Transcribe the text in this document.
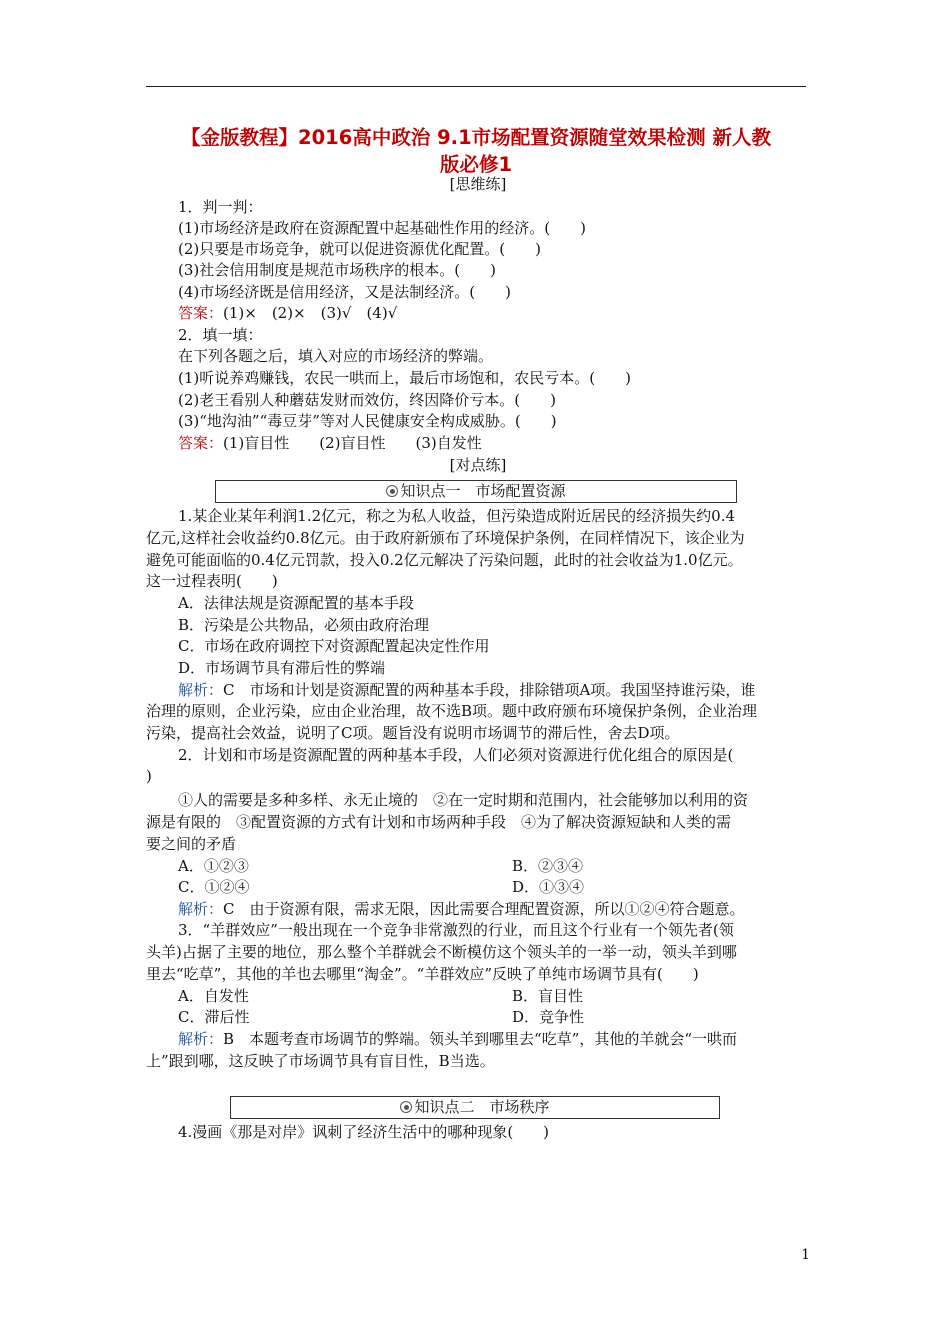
【金版教程】2016高中政治 9.1市场配置资源随堂效果检测 新人教
版必修1
[思维练]
1．判一判：
(1)市场经济是政府在资源配置中起基础性作用的经济。(　　)
(2)只要是市场竞争，就可以促进资源优化配置。(　　)
(3)社会信用制度是规范市场秩序的根本。(　　)
(4)市场经济既是信用经济，又是法制经济。(　　)
答案：(1)×　(2)×　(3)√　(4)√
2．填一填：
在下列各题之后，填入对应的市场经济的弊端。
(1)听说养鸡赚钱，农民一哄而上，最后市场饱和，农民亏本。(　　)
(2)老王看别人种蘑菇发财而效仿，终因降价亏本。(　　)
(3)“地沟油”“毒豆芽”等对人民健康安全构成威胁。(　　)
答案：(1)盲目性　　(2)盲目性　　(3)自发性
[对点练]
知识点一　市场配置资源
1.某企业某年利润1.2亿元，称之为私人收益，但污染造成附近居民的经济损失约0.4
亿元,这样社会收益约0.8亿元。由于政府新颁布了环境保护条例，在同样情况下，该企业为
避免可能面临的0.4亿元罚款，投入0.2亿元解决了污染问题，此时的社会收益为1.0亿元。
这一过程表明(　　)
A．法律法规是资源配置的基本手段
B．污染是公共物品，必须由政府治理
C．市场在政府调控下对资源配置起决定性作用
D．市场调节具有滞后性的弊端
解析：C　市场和计划是资源配置的两种基本手段，排除错项A项。我国坚持谁污染，谁
治理的原则，企业污染，应由企业治理，故不选B项。题中政府颁布环境保护条例，企业治理
污染，提高社会效益，说明了C项。题旨没有说明市场调节的滞后性，舍去D项。
2．计划和市场是资源配置的两种基本手段，人们必须对资源进行优化组合的原因是(
)
①人的需要是多种多样、永无止境的　②在一定时期和范围内，社会能够加以利用的资
源是有限的　③配置资源的方式有计划和市场两种手段　④为了解决资源短缺和人类的需
要之间的矛盾
A．①②③	B．②③④
C．①②④	D．①③④
解析：C　由于资源有限，需求无限，因此需要合理配置资源，所以①②④符合题意。
3．“羊群效应”一般出现在一个竞争非常激烈的行业，而且这个行业有一个领先者(领
头羊)占据了主要的地位，那么整个羊群就会不断模仿这个领头羊的一举一动，领头羊到哪
里去“吃草”，其他的羊也去哪里“淘金”。“羊群效应”反映了单纯市场调节具有(　　)
A．自发性	B．盲目性
C．滞后性	D．竞争性
解析：B　本题考查市场调节的弊端。领头羊到哪里去“吃草”，其他的羊就会“一哄而
上”跟到哪，这反映了市场调节具有盲目性，B当选。
知识点二　市场秩序
4.漫画《那是对岸》讽刺了经济生活中的哪种现象(　　)
1
